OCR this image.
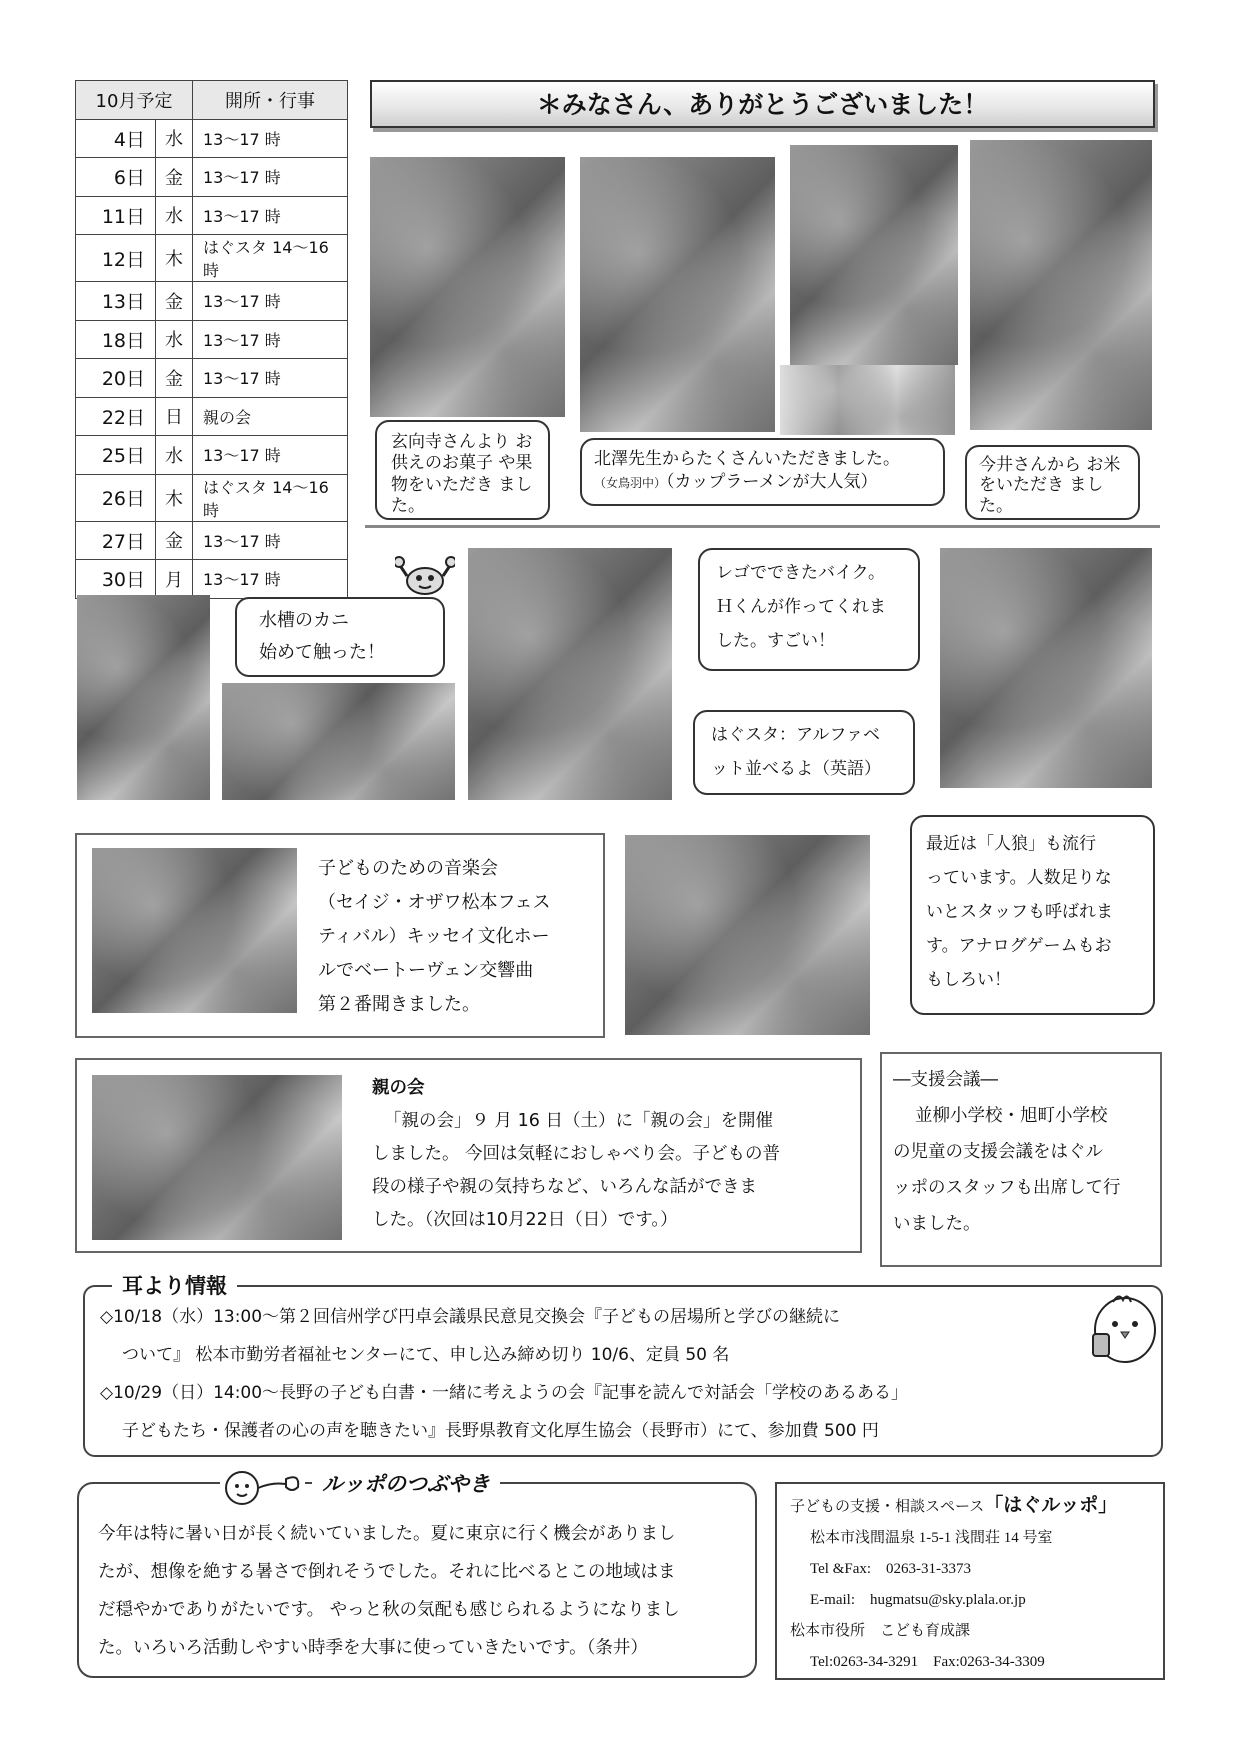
10月予定		開所・行事
4日	水	13～17 時
6日	金	13～17 時
11日	水	13～17 時
12日	木	はぐスタ 14～16 時
13日	金	13～17 時
18日	水	13～17 時
20日	金	13～17 時
22日	日	親の会
25日	水	13～17 時
26日	木	はぐスタ 14～16 時
27日	金	13～17 時
30日	月	13～17 時
＊みなさん、ありがとうございました！
玄向寺さんより お供えのお菓子 や果物をいただき ました。
北澤先生からたくさんいただきました。
（女鳥羽中）（カップラーメンが大人気）
今井さんから お米をいただき ました。
水槽のカニ
始めて触った！
レゴでできたバイク。
Ｈくんが作ってくれま
した。すごい！
はぐスタ：アルファベ
ット並べるよ（英語）
子どものための音楽会
（セイジ・オザワ松本フェス
ティバル）キッセイ文化ホー
ルでベートーヴェン交響曲
第２番聞きました。
最近は「人狼」も流行
っています。人数足りな
いとスタッフも呼ばれま
す。アナログゲームもお
もしろい！
親の会
「親の会」９ 月 16 日（土）に「親の会」を開催
しました。 今回は気軽におしゃべり会。子どもの普
段の様子や親の気持ちなど、いろんな話ができま
した。（次回は10月22日（日）です。）
―支援会議―
並柳小学校・旭町小学校
の児童の支援会議をはぐル
ッポのスタッフも出席して行
いました。
耳より情報
◇10/18（水）13:00～第２回信州学び円卓会議県民意見交換会『子どもの居場所と学びの継続に
ついて』 松本市勤労者福祉センターにて、申し込み締め切り 10/6、定員 50 名
◇10/29（日）14:00～長野の子ども白書・一緒に考えようの会『記事を読んで対話会「学校のあるある」
子どもたち・保護者の心の声を聴きたい』長野県教育文化厚生協会（長野市）にて、参加費 500 円
ルッポのつぶやき
今年は特に暑い日が長く続いていました。夏に東京に行く機会がありまし
たが、想像を絶する暑さで倒れそうでした。それに比べるとこの地域はま
だ穏やかでありがたいです。 やっと秋の気配も感じられるようになりまし
た。いろいろ活動しやすい時季を大事に使っていきたいです。（条井）
子どもの支援・相談スペース「はぐルッポ」
松本市浅間温泉 1-5-1 浅間荘 14 号室
Tel &Fax:　0263-31-3373
E-mail:　hugmatsu@sky.plala.or.jp
松本市役所　こども育成課
Tel:0263-34-3291　Fax:0263-34-3309
